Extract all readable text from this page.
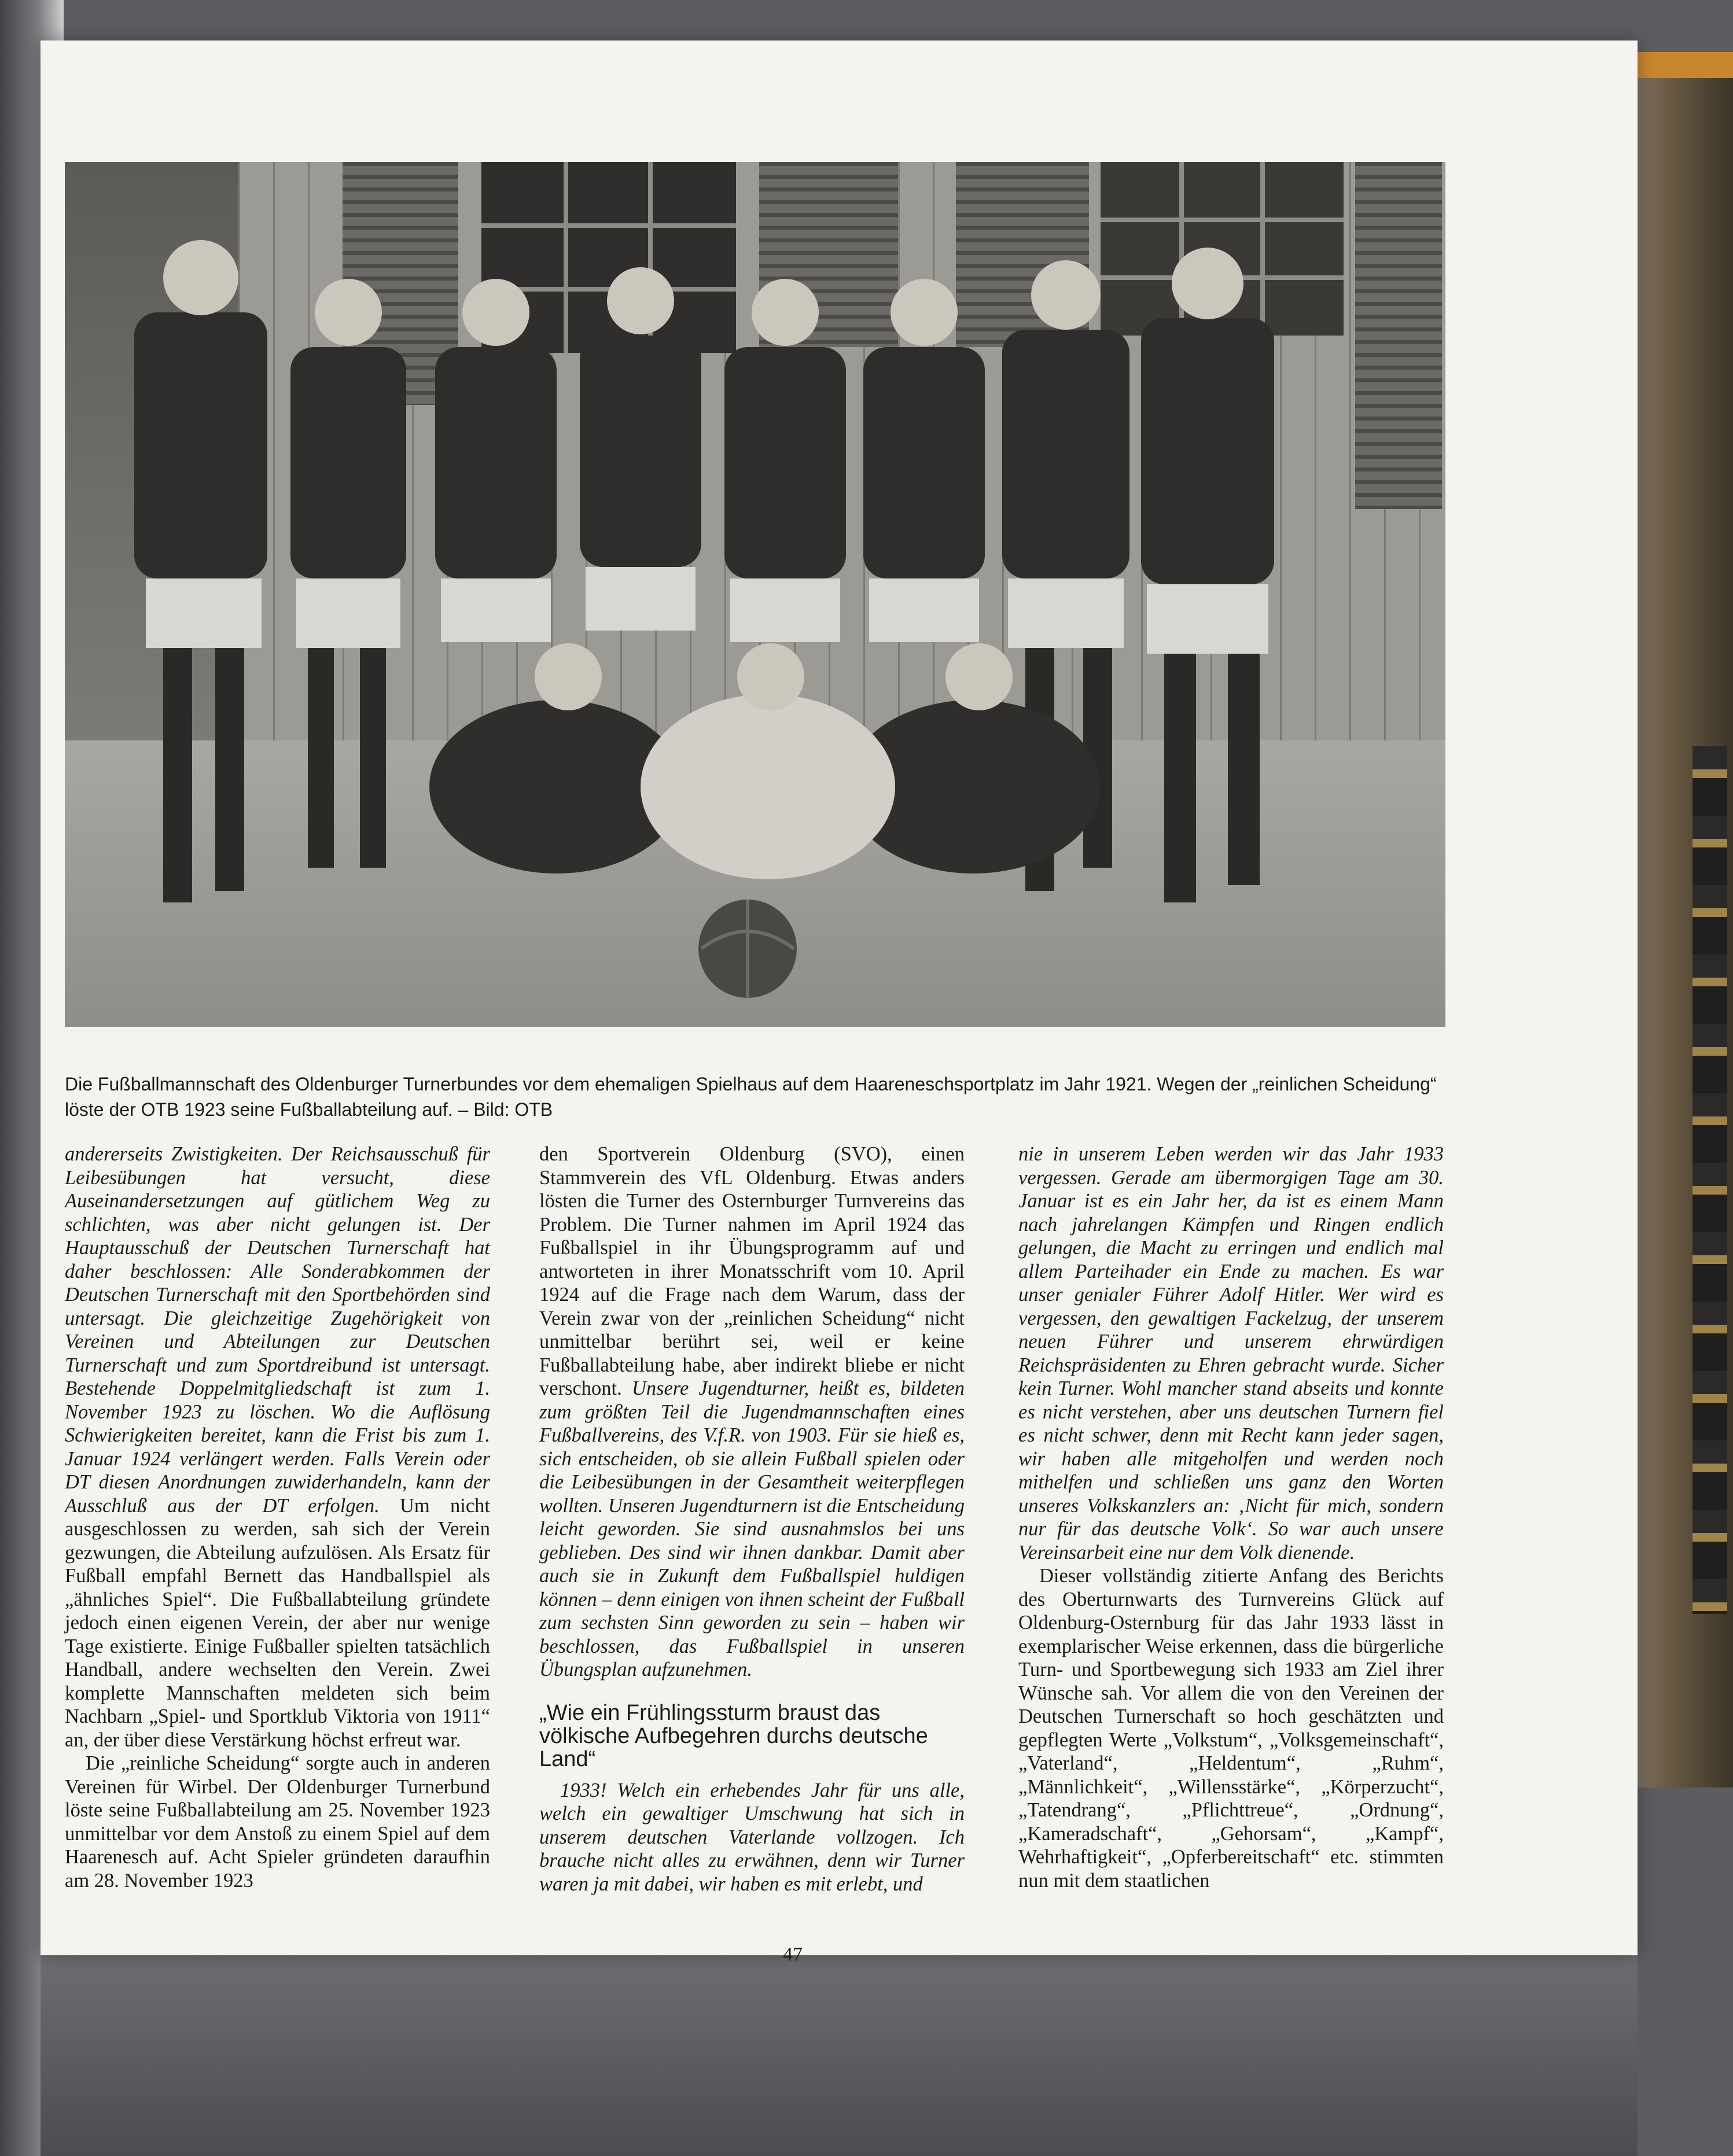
Die Fußballmannschaft des Oldenburger Turnerbundes vor dem ehemaligen Spielhaus auf dem Haareneschsportplatz im Jahr 1921. Wegen der „reinlichen Scheidung“ löste der OTB 1923 seine Fußballabteilung auf. – Bild: OTB

andererseits Zwistigkeiten. Der Reichsausschuß für Leibesübungen hat versucht, diese Auseinandersetzungen auf gütlichem Weg zu schlichten, was aber nicht gelungen ist. Der Hauptausschuß der Deutschen Turnerschaft hat daher beschlossen: Alle Sonderabkommen der Deutschen Turnerschaft mit den Sportbehörden sind untersagt. Die gleichzeitige Zugehörigkeit von Vereinen und Abteilungen zur Deutschen Turnerschaft und zum Sportdreibund ist untersagt. Bestehende Doppelmitgliedschaft ist zum 1. November 1923 zu löschen. Wo die Auflösung Schwierigkeiten bereitet, kann die Frist bis zum 1. Januar 1924 verlängert werden. Falls Verein oder DT diesen Anordnungen zuwiderhandeln, kann der Ausschluß aus der DT erfolgen. Um nicht ausgeschlossen zu werden, sah sich der Verein gezwungen, die Abteilung aufzulösen. Als Ersatz für Fußball empfahl Bernett das Handballspiel als „ähnliches Spiel“. Die Fußballabteilung gründete jedoch einen eigenen Verein, der aber nur wenige Tage existierte. Einige Fußballer spielten tatsächlich Handball, andere wechselten den Verein. Zwei komplette Mannschaften meldeten sich beim Nachbarn „Spiel- und Sportklub Viktoria von 1911“ an, der über diese Verstärkung höchst erfreut war.

Die „reinliche Scheidung“ sorgte auch in anderen Vereinen für Wirbel. Der Oldenburger Turnerbund löste seine Fußballabteilung am 25. November 1923 unmittelbar vor dem Anstoß zu einem Spiel auf dem Haarenesch auf. Acht Spieler gründeten daraufhin am 28. November 1923

den Sportverein Oldenburg (SVO), einen Stammverein des VfL Oldenburg. Etwas anders lösten die Turner des Osternburger Turnvereins das Problem. Die Turner nahmen im April 1924 das Fußballspiel in ihr Übungsprogramm auf und antworteten in ihrer Monatsschrift vom 10. April 1924 auf die Frage nach dem Warum, dass der Verein zwar von der „reinlichen Scheidung“ nicht unmittelbar berührt sei, weil er keine Fußballabteilung habe, aber indirekt bliebe er nicht verschont. Unsere Jugendturner, heißt es, bildeten zum größten Teil die Jugendmannschaften eines Fußballvereins, des V.f.R. von 1903. Für sie hieß es, sich entscheiden, ob sie allein Fußball spielen oder die Leibesübungen in der Gesamtheit weiterpflegen wollten. Unseren Jugendturnern ist die Entscheidung leicht geworden. Sie sind ausnahmslos bei uns geblieben. Des sind wir ihnen dankbar. Damit aber auch sie in Zukunft dem Fußballspiel huldigen können – denn einigen von ihnen scheint der Fußball zum sechsten Sinn geworden zu sein – haben wir beschlossen, das Fußballspiel in unseren Übungsplan aufzunehmen.

„Wie ein Frühlingssturm braust das völkische Aufbegehren durchs deutsche Land“

1933! Welch ein erhebendes Jahr für uns alle, welch ein gewaltiger Umschwung hat sich in unserem deutschen Vaterlande vollzogen. Ich brauche nicht alles zu erwähnen, denn wir Turner waren ja mit dabei, wir haben es mit erlebt, und

nie in unserem Leben werden wir das Jahr 1933 vergessen. Gerade am übermorgigen Tage am 30. Januar ist es ein Jahr her, da ist es einem Mann nach jahrelangen Kämpfen und Ringen endlich gelungen, die Macht zu erringen und endlich mal allem Parteihader ein Ende zu machen. Es war unser genialer Führer Adolf Hitler. Wer wird es vergessen, den gewaltigen Fackelzug, der unserem neuen Führer und unserem ehrwürdigen Reichspräsidenten zu Ehren gebracht wurde. Sicher kein Turner. Wohl mancher stand abseits und konnte es nicht verstehen, aber uns deutschen Turnern fiel es nicht schwer, denn mit Recht kann jeder sagen, wir haben alle mitgeholfen und werden noch mithelfen und schließen uns ganz den Worten unseres Volkskanzlers an: ‚Nicht für mich, sondern nur für das deutsche Volk‘. So war auch unsere Vereinsarbeit eine nur dem Volk dienende.

Dieser vollständig zitierte Anfang des Berichts des Oberturnwarts des Turnvereins Glück auf Oldenburg-Osternburg für das Jahr 1933 lässt in exemplarischer Weise erkennen, dass die bürgerliche Turn- und Sportbewegung sich 1933 am Ziel ihrer Wünsche sah. Vor allem die von den Vereinen der Deutschen Turnerschaft so hoch geschätzten und gepflegten Werte „Volkstum“, „Volksgemeinschaft“, „Vaterland“, „Heldentum“, „Ruhm“, „Männlichkeit“, „Willensstärke“, „Körperzucht“, „Tatendrang“, „Pflichttreue“, „Ordnung“, „Kameradschaft“, „Gehorsam“, „Kampf“, Wehrhaftigkeit“, „Opferbereitschaft“ etc. stimmten nun mit dem staatlichen

47
